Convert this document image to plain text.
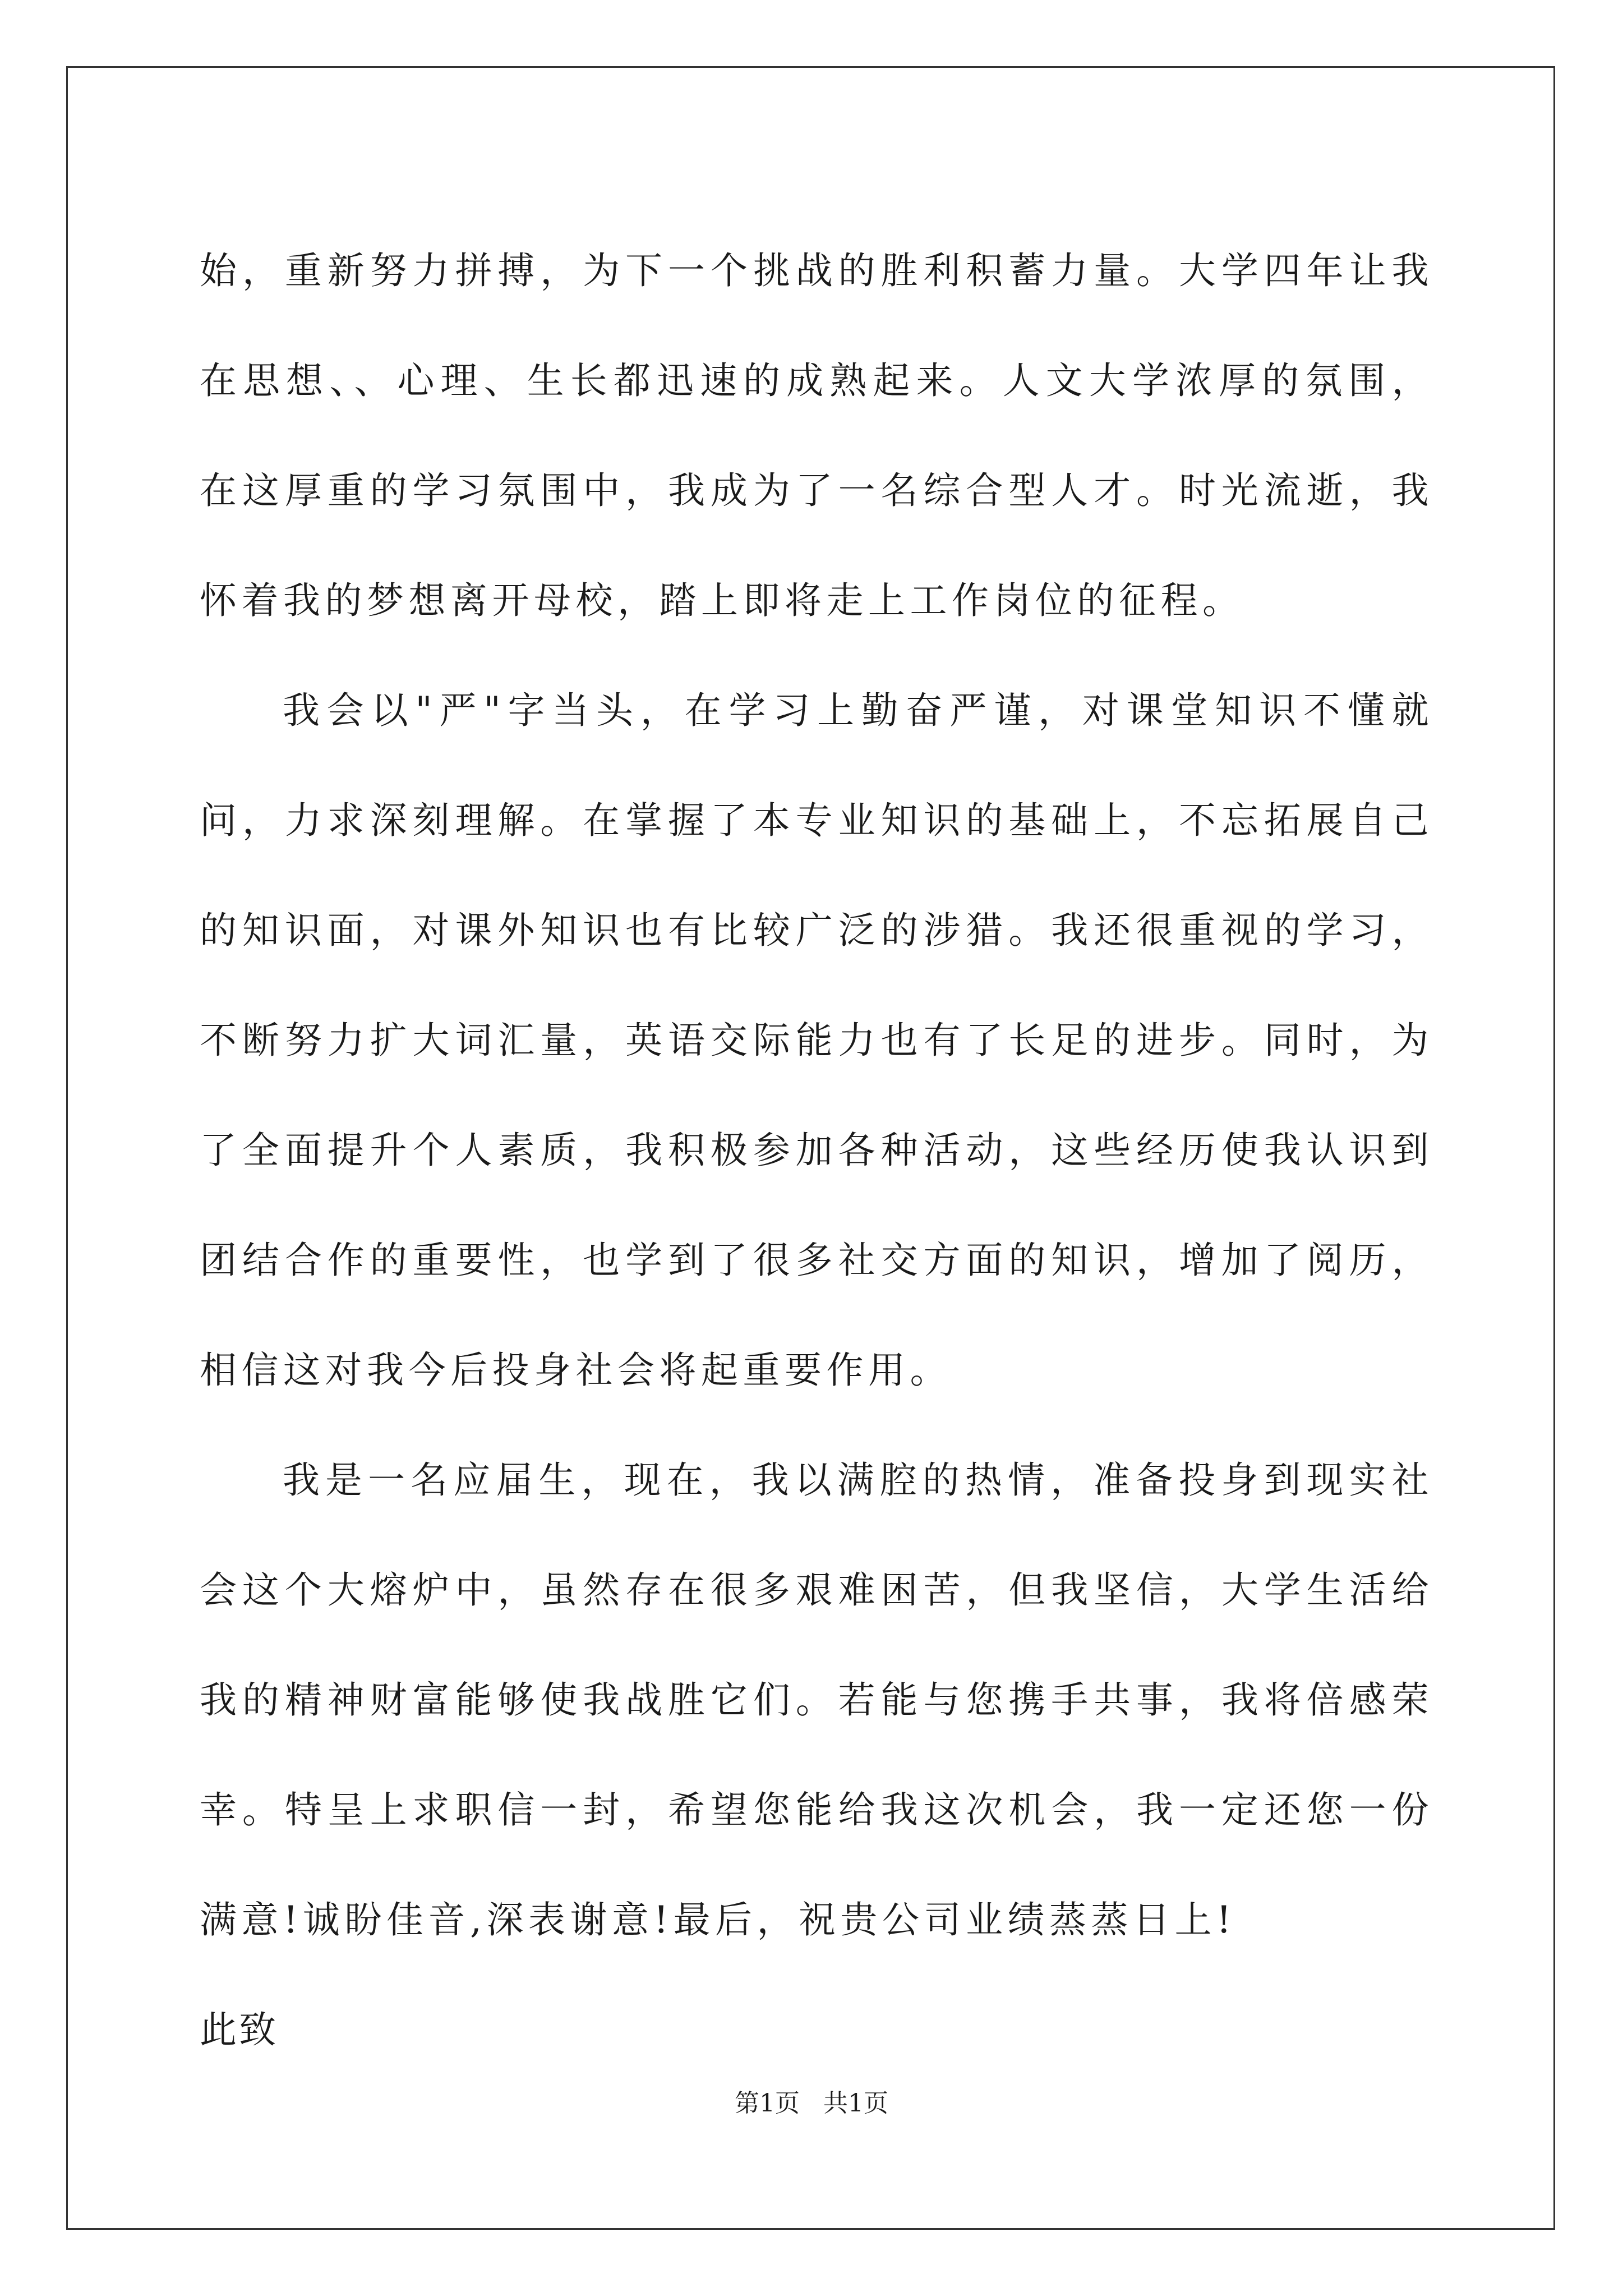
始，重新努力拼搏，为下一个挑战的胜利积蓄力量。大学四年让我在思想、、心理、生长都迅速的成熟起来。人文大学浓厚的氛围，在这厚重的学习氛围中，我成为了一名综合型人才。时光流逝，我怀着我的梦想离开母校，踏上即将走上工作岗位的征程。

我会以"严"字当头，在学习上勤奋严谨，对课堂知识不懂就问，力求深刻理解。在掌握了本专业知识的基础上，不忘拓展自己的知识面，对课外知识也有比较广泛的涉猎。我还很重视的学习，不断努力扩大词汇量，英语交际能力也有了长足的进步。同时，为了全面提升个人素质，我积极参加各种活动，这些经历使我认识到团结合作的重要性，也学到了很多社交方面的知识，增加了阅历，相信这对我今后投身社会将起重要作用。

我是一名应届生，现在，我以满腔的热情，准备投身到现实社会这个大熔炉中，虽然存在很多艰难困苦，但我坚信，大学生活给我的精神财富能够使我战胜它们。若能与您携手共事，我将倍感荣幸。特呈上求职信一封，希望您能给我这次机会，我一定还您一份满意!诚盼佳音,深表谢意!最后，祝贵公司业绩蒸蒸日上!

此致

第1页   共1页
